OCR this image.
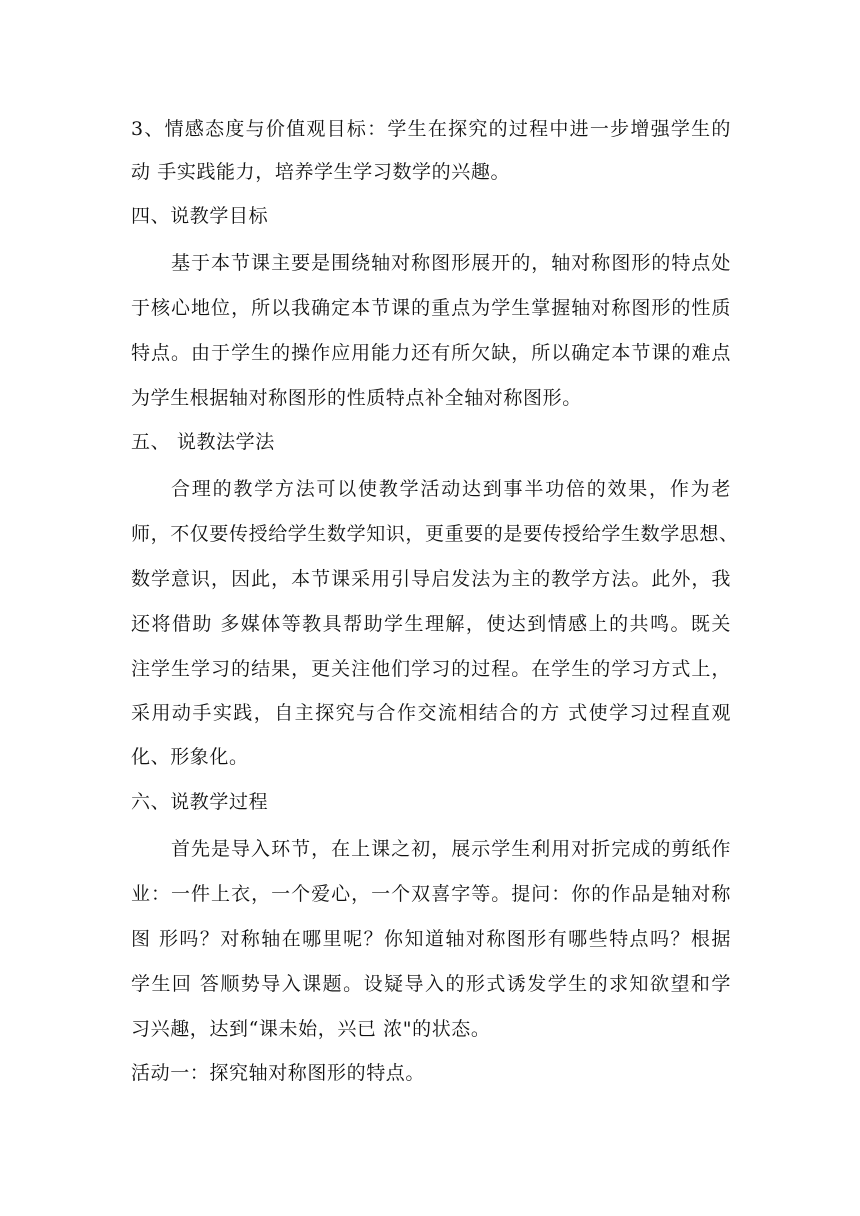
3、情感态度与价值观目标：学生在探究的过程中进一步增强学生的
动 手实践能力，培养学生学习数学的兴趣。
四、说教学目标
基于本节课主要是围绕轴对称图形展开的，轴对称图形的特点处
于核心地位，所以我确定本节课的重点为学生掌握轴对称图形的性质
特点。由于学生的操作应用能力还有所欠缺，所以确定本节课的难点
为学生根据轴对称图形的性质特点补全轴对称图形。
五、 说教法学法
合理的教学方法可以使教学活动达到事半功倍的效果，作为老
师，不仅要传授给学生数学知识，更重要的是要传授给学生数学思想、
数学意识，因此，本节课采用引导启发法为主的教学方法。此外，我
还将借助 多媒体等教具帮助学生理解，使达到情感上的共鸣。既关
注学生学习的结果，更关注他们学习的过程。在学生的学习方式上，
采用动手实践，自主探究与合作交流相结合的方 式使学习过程直观
化、形象化。
六、说教学过程
首先是导入环节，在上课之初，展示学生利用对折完成的剪纸作
业：一件上衣，一个爱心，一个双喜字等。提问：你的作品是轴对称
图 形吗？对称轴在哪里呢？你知道轴对称图形有哪些特点吗？根据
学生回 答顺势导入课题。设疑导入的形式诱发学生的求知欲望和学
习兴趣，达到“课未始，兴已 浓"的状态。
活动一：探究轴对称图形的特点。
